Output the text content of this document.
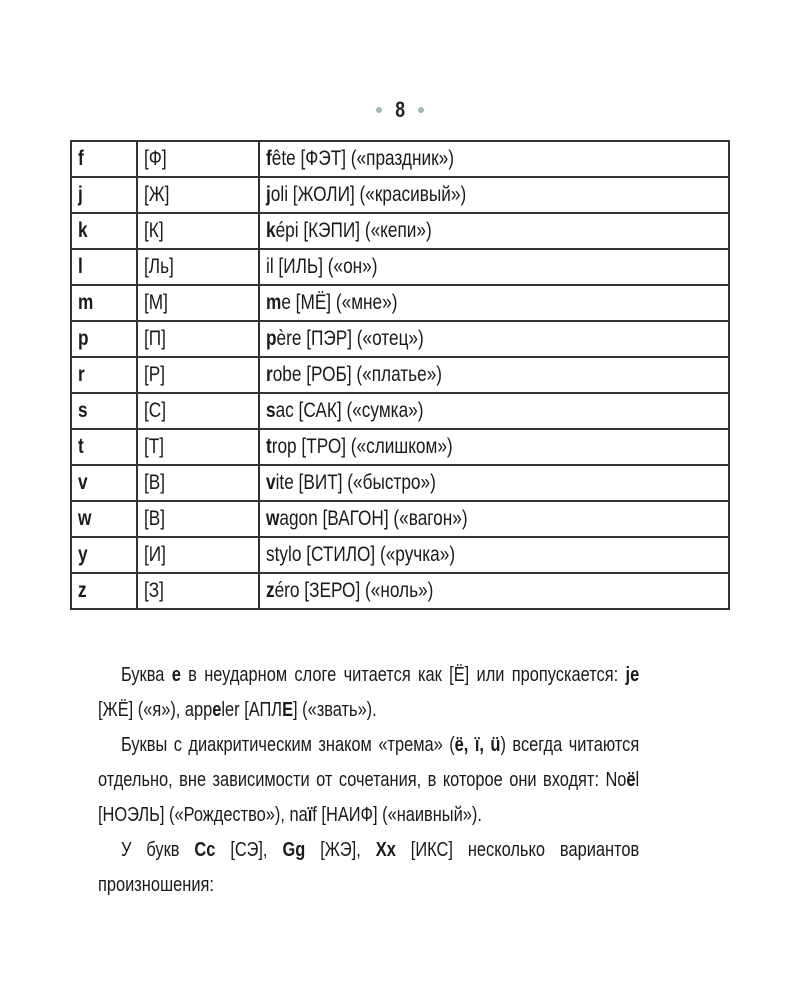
8
f	[Ф]	fête [ФЭТ] («праздник»)
j	[Ж]	joli [ЖОЛИ] («красивый»)
k	[К]	képi [КЭПИ] («кепи»)
l	[Ль]	il [ИЛЬ] («он»)
m	[М]	me [МЁ] («мне»)
p	[П]	père [ПЭР] («отец»)
r	[Р]	robe [РОБ] («платье»)
s	[С]	sac [САК] («сумка»)
t	[Т]	trop [ТРО] («слишком»)
v	[В]	vite [ВИТ] («быстро»)
w	[В]	wagon [ВАГОН] («вагон»)
y	[И]	stylo [СТИЛО] («ручка»)
z	[З]	zéro [ЗЕРО] («ноль»)

Буква e в неударном слоге читается как [Ё] или пропускается: je [ЖЁ] («я»), appeler [АПЛЕ] («звать»).

Буквы с диакритическим знаком «трема» (ë, ï, ü) всегда читаются отдельно, вне зависимости от сочетания, в которое они входят: Noël [НОЭЛЬ] («Рождество»), naïf [НАИФ] («наивный»).

У букв Cc [СЭ], Gg [ЖЭ], Xx [ИКС] несколько вариантов произношения:
